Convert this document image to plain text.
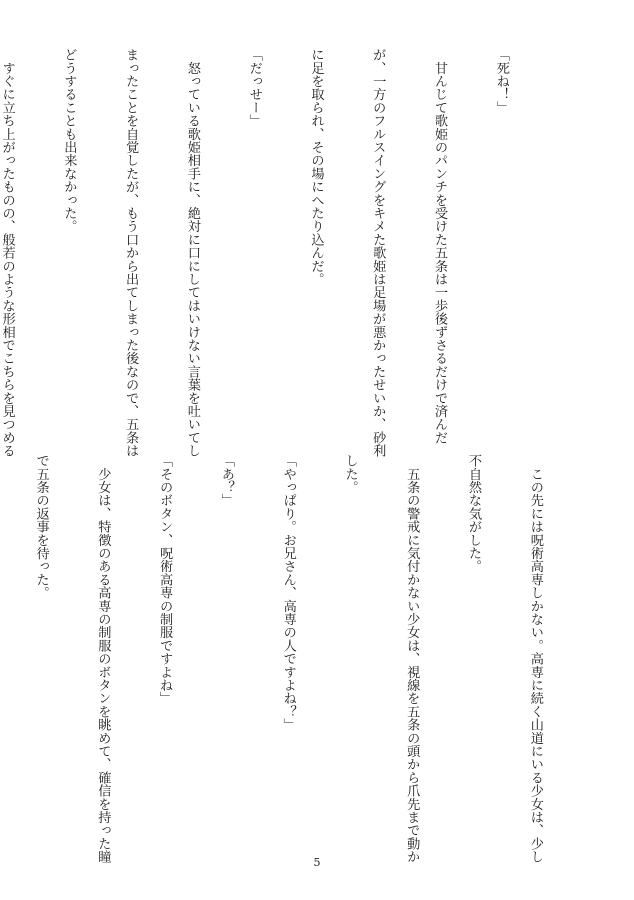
「死ね！」

　甘んじて歌姫のパンチを受けた五条は一歩後ずさるだけで済んだ

が、一方のフルスイングをキメた歌姫は足場が悪かったせいか、砂利

に足を取られ、その場にへたり込んだ。

「だっせー」

　怒っている歌姫相手に、絶対に口にしてはいけない言葉を吐いてし

まったことを自覚したが、もう口から出てしまった後なので、五条は

どうすることも出来なかった。

　すぐに立ち上がったものの、般若のような形相でこちらを見つめる

　この先には呪術高専しかない。高専に続く山道にいる少女は、少し

不自然な気がした。

　五条の警戒に気付かない少女は、視線を五条の頭から爪先まで動か

した。

「やっぱり。お兄さん、高専の人ですよね？」

「あ？」

「そのボタン、呪術高専の制服ですよね」

　少女は、特徴のある高専の制服のボタンを眺めて、確信を持った瞳

で五条の返事を待った。

5
